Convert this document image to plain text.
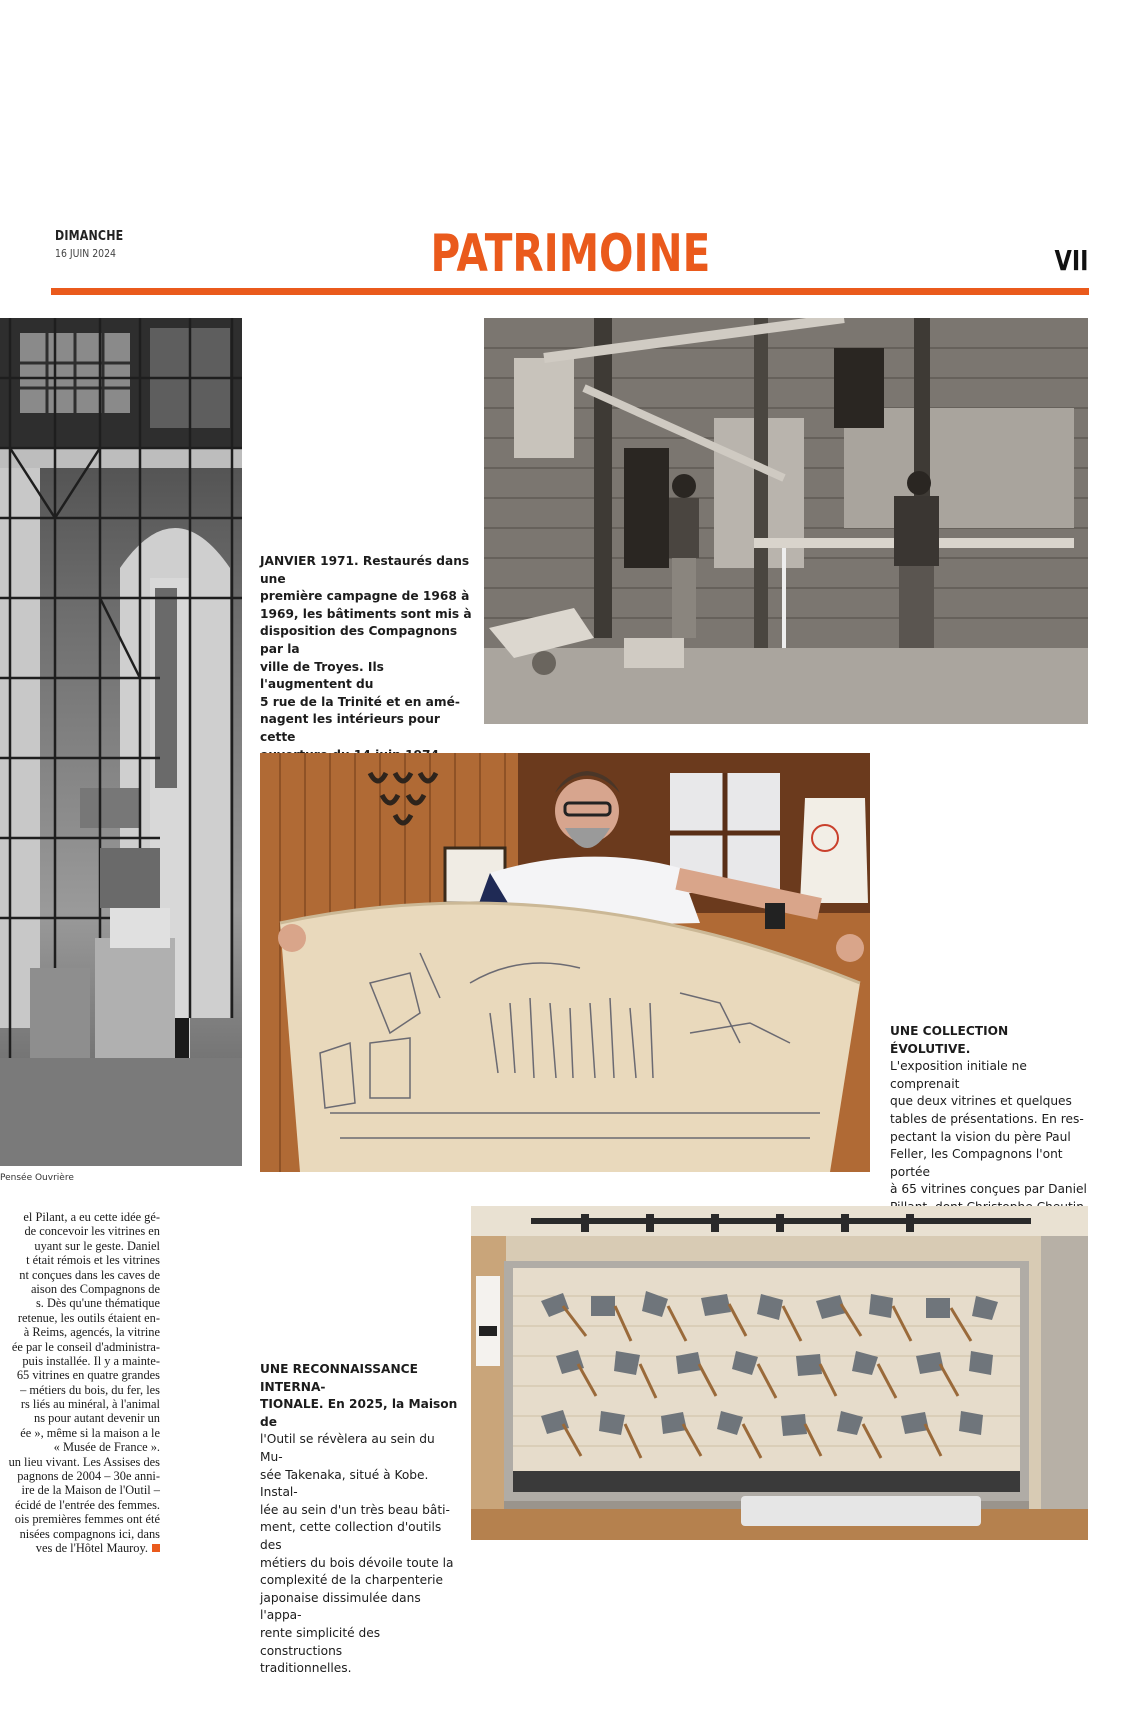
DIMANCHE
16 JUIN 2024	PATRIMOINE	VII
Pensée Ouvrière
JANVIER 1971. Restaurés dans une
première campagne de 1968 à
1969, les bâtiments sont mis à
disposition des Compagnons par la
ville de Troyes. Ils l'augmentent du
5 rue de la Trinité et en amé-
nagent les intérieurs pour cette
UNE COLLECTION ÉVOLUTIVE.
L'exposition initiale ne comprenait
que deux vitrines et quelques
tables de présentations. En res-
pectant la vision du père Paul
Feller, les Compagnons l'ont portée
à 65 vitrines conçues par Daniel
el Pilant, a eu cette idée gé-
de concevoir les vitrines en
uyant sur le geste. Daniel
t était rémois et les vitrines
nt conçues dans les caves de
aison des Compagnons de
s. Dès qu'une thématique
retenue, les outils étaient en-
à Reims, agencés, la vitrine
ée par le conseil d'administra-
puis installée. Il y a mainte-
65 vitrines en quatre grandes
– métiers du bois, du fer, les
rs liés au minéral, à l'animal
ns pour autant devenir un
ée », même si la maison a le
« Musée de France ».
un lieu vivant. Les Assises des
pagnons de 2004 – 30e anni-
ire de la Maison de l'Outil –
écidé de l'entrée des femmes.
ois premières femmes ont été
nisées compagnons ici, dans
ves de l'Hôtel Mauroy.
UNE RECONNAISSANCE INTERNA-
TIONALE. En 2025, la Maison de
l'Outil se révèlera au sein du Mu-
sée Takenaka, situé à Kobe. Instal-
lée au sein d'un très beau bâti-
ment, cette collection d'outils des
métiers du bois dévoile toute la
complexité de la charpenterie
japonaise dissimulée dans l'appa-
rente simplicité des constructions
traditionnelles.
